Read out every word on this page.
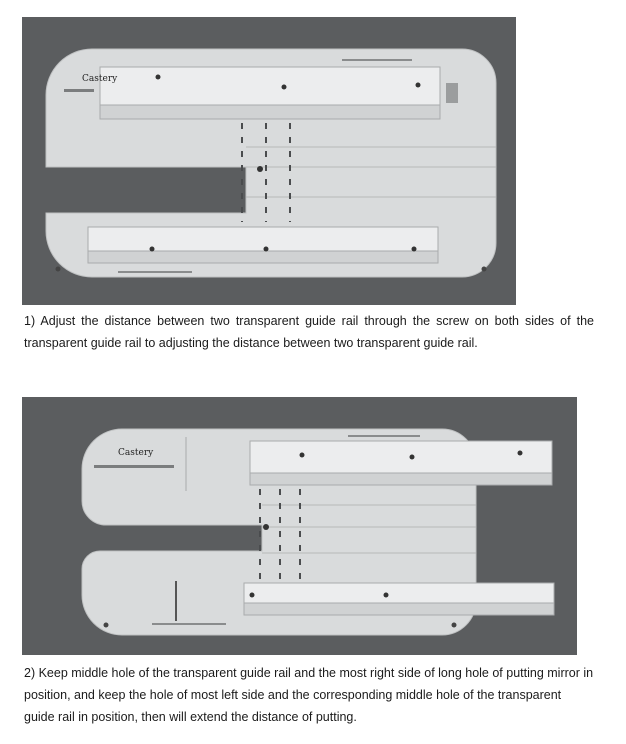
Castery

1) Adjust the distance between two transparent guide rail through the screw on both sides of the transparent guide rail to adjusting the distance between two transparent guide rail.

Castery

2) Keep middle hole of the transparent guide rail and the most right side of long hole of putting mirror in position, and keep the hole of most left side and the corresponding middle hole of the transparent guide rail in position, then will extend the distance of putting.
